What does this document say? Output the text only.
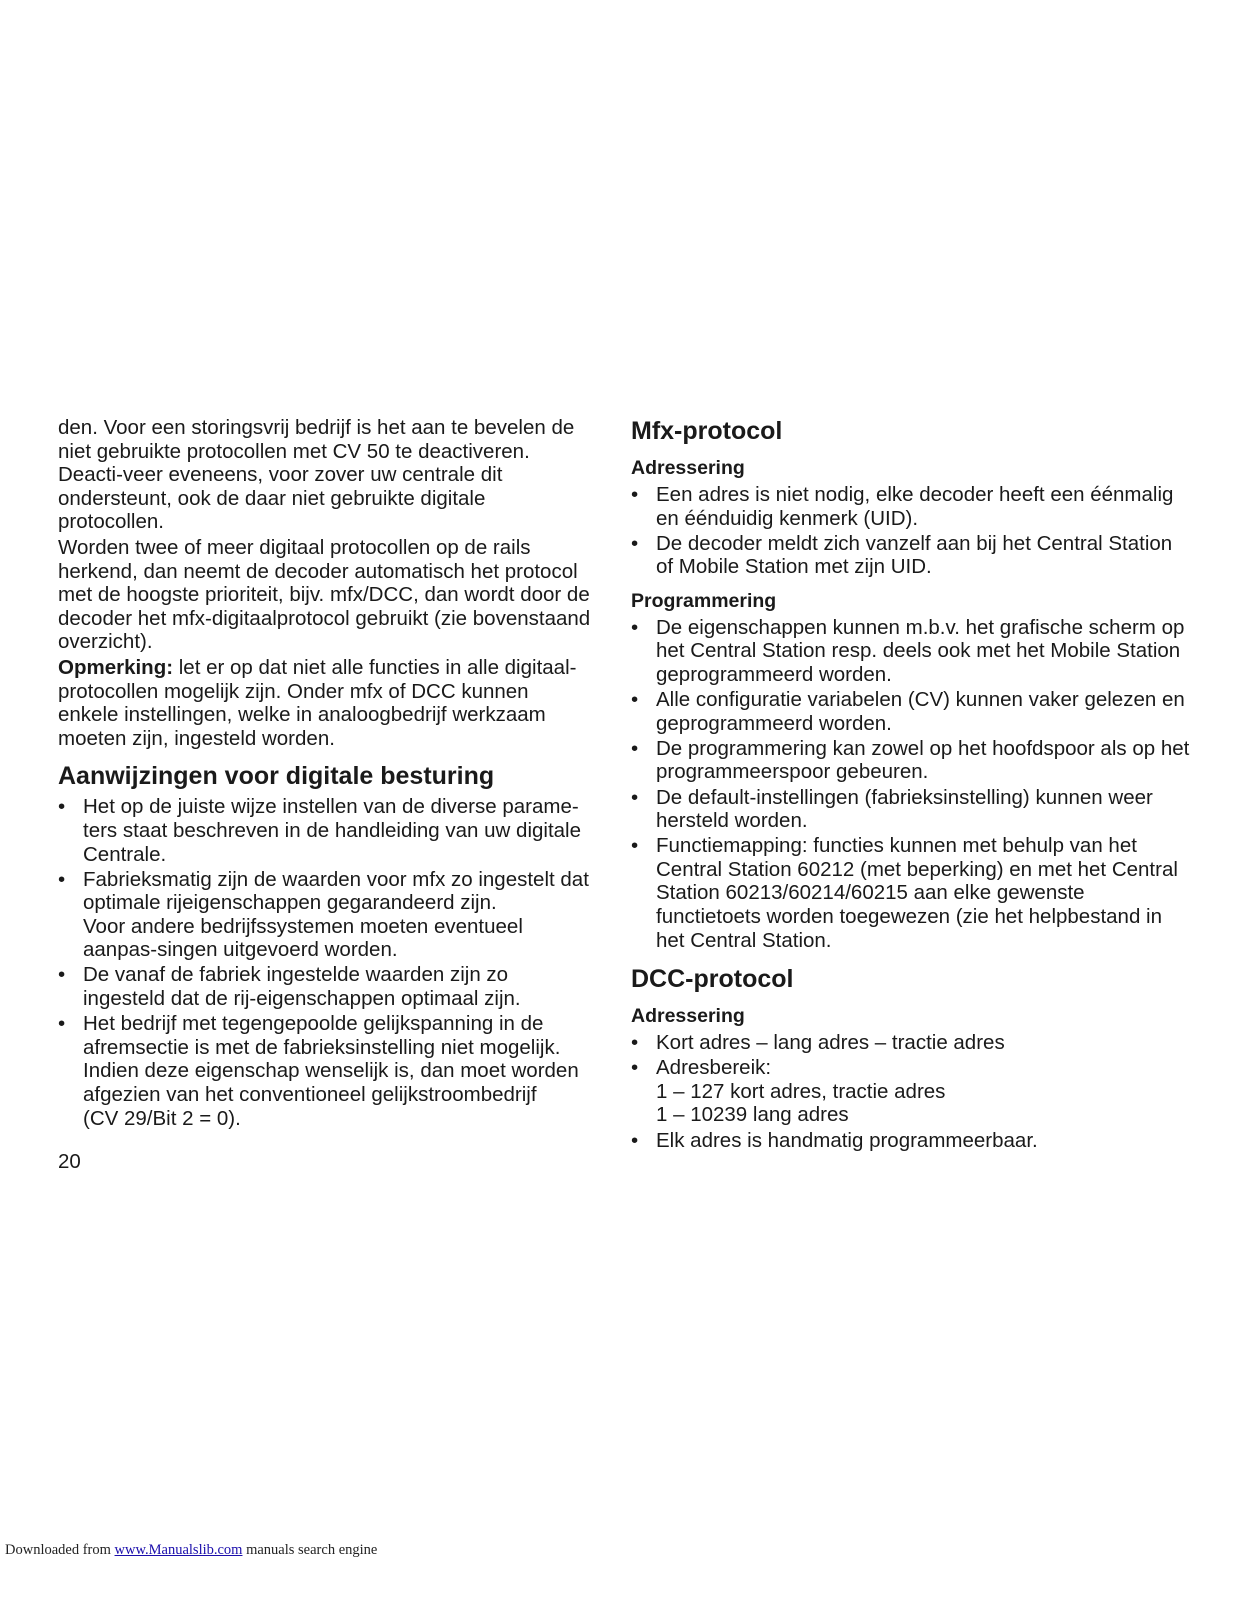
den. Voor een storingsvrij bedrijf is het aan te bevelen de niet gebruikte protocollen met CV 50 te deactiveren. Deacti-veer eveneens, voor zover uw centrale dit ondersteunt, ook de daar niet gebruikte digitale protocollen.

Worden twee of meer digitaal protocollen op de rails herkend, dan neemt de decoder automatisch het protocol met de hoogste prioriteit, bijv. mfx/DCC, dan wordt door de decoder het mfx-digitaalprotocol gebruikt (zie bovenstaand overzicht).

Opmerking: let er op dat niet alle functies in alle digitaal-protocollen mogelijk zijn. Onder mfx of DCC kunnen enkele instellingen, welke in analoogbedrijf werkzaam moeten zijn, ingesteld worden.

Aanwijzingen voor digitale besturing
• Het op de juiste wijze instellen van de diverse parame-ters staat beschreven in de handleiding van uw digitale Centrale.
• Fabrieksmatig zijn de waarden voor mfx zo ingestelt dat optimale rijeigenschappen gegarandeerd zijn.
Voor andere bedrijfssystemen moeten eventueel aanpas-singen uitgevoerd worden.
• De vanaf de fabriek ingestelde waarden zijn zo ingesteld dat de rij-eigenschappen optimaal zijn.
• Het bedrijf met tegengepoolde gelijkspanning in de afremsectie is met de fabrieksinstelling niet mogelijk. Indien deze eigenschap wenselijk is, dan moet worden afgezien van het conventioneel gelijkstroombedrijf
(CV 29/Bit 2 = 0).
Mfx-protocol
Adressering
• Een adres is niet nodig, elke decoder heeft een éénmalig en éénduidig kenmerk (UID).
• De decoder meldt zich vanzelf aan bij het Central Station of Mobile Station met zijn UID.
Programmering
• De eigenschappen kunnen m.b.v. het grafische scherm op het Central Station resp. deels ook met het Mobile Station geprogrammeerd worden.
• Alle configuratie variabelen (CV) kunnen vaker gelezen en geprogrammeerd worden.
• De programmering kan zowel op het hoofdspoor als op het programmeerspoor gebeuren.
• De default-instellingen (fabrieksinstelling) kunnen weer hersteld worden.
• Functiemapping: functies kunnen met behulp van het Central Station 60212 (met beperking) en met het Central Station 60213/60214/60215 aan elke gewenste functietoets worden toegewezen (zie het helpbestand in het Central Station.
DCC-protocol
Adressering
• Kort adres – lang adres – tractie adres
• Adresbereik:
1 – 127 kort adres, tractie adres
1 – 10239 lang adres
• Elk adres is handmatig programmeerbaar.
20
Downloaded from www.Manualslib.com manuals search engine
